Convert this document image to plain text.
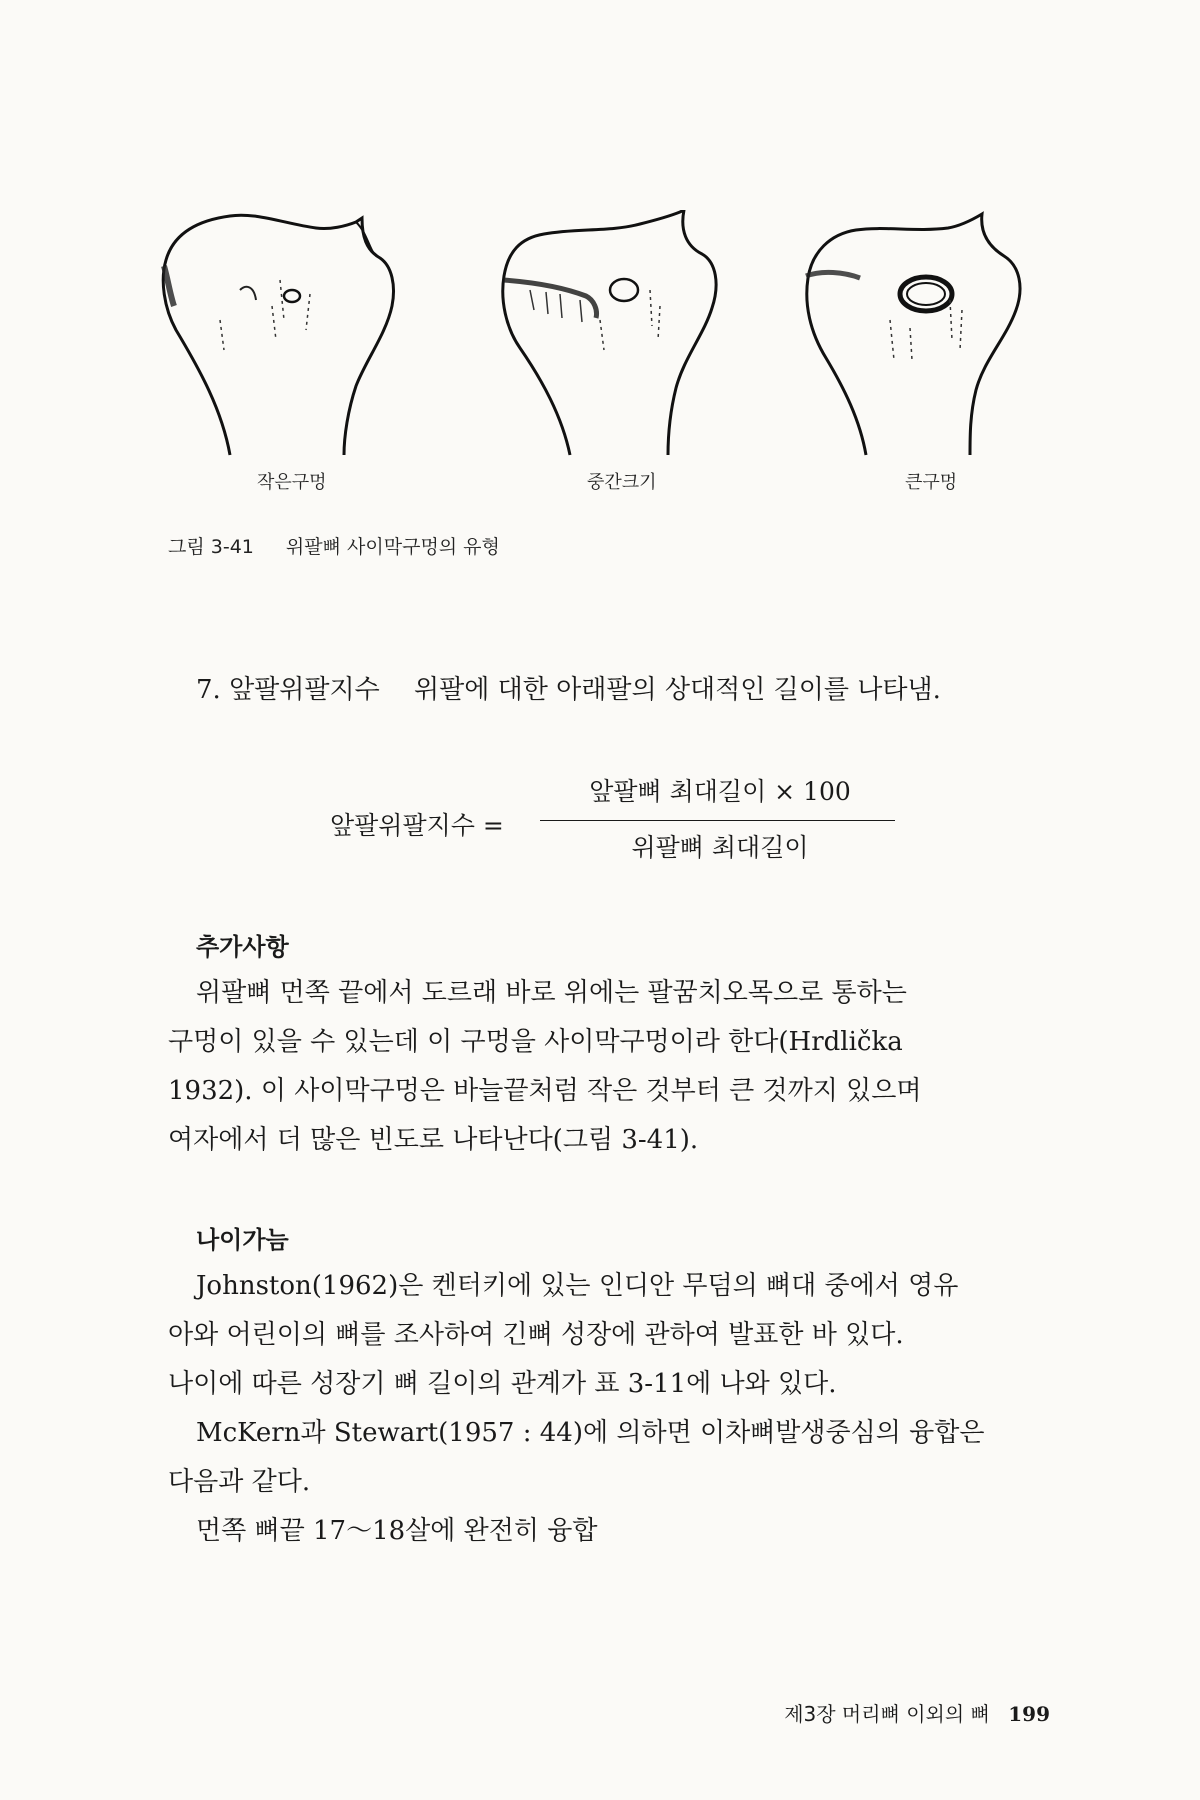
작은구멍	중간크기	큰구멍
그림 3-41 위팔뼈 사이막구멍의 유형
7. 앞팔위팔지수 위팔에 대한 아래팔의 상대적인 길이를 나타냄.
앞팔위팔지수 =
앞팔뼈 최대길이 × 100
위팔뼈 최대길이
추가사항
위팔뼈 먼쪽 끝에서 도르래 바로 위에는 팔꿈치오목으로 통하는
구멍이 있을 수 있는데 이 구멍을 사이막구멍이라 한다(Hrdlička
1932). 이 사이막구멍은 바늘끝처럼 작은 것부터 큰 것까지 있으며
여자에서 더 많은 빈도로 나타난다(그림 3-41).
나이가늠
Johnston(1962)은 켄터키에 있는 인디안 무덤의 뼈대 중에서 영유
아와 어린이의 뼈를 조사하여 긴뼈 성장에 관하여 발표한 바 있다.
나이에 따른 성장기 뼈 길이의 관계가 표 3-11에 나와 있다.
McKern과 Stewart(1957 : 44)에 의하면 이차뼈발생중심의 융합은
다음과 같다.
먼쪽 뼈끝 17～18살에 완전히 융합
제3장 머리뼈 이외의 뼈 199
